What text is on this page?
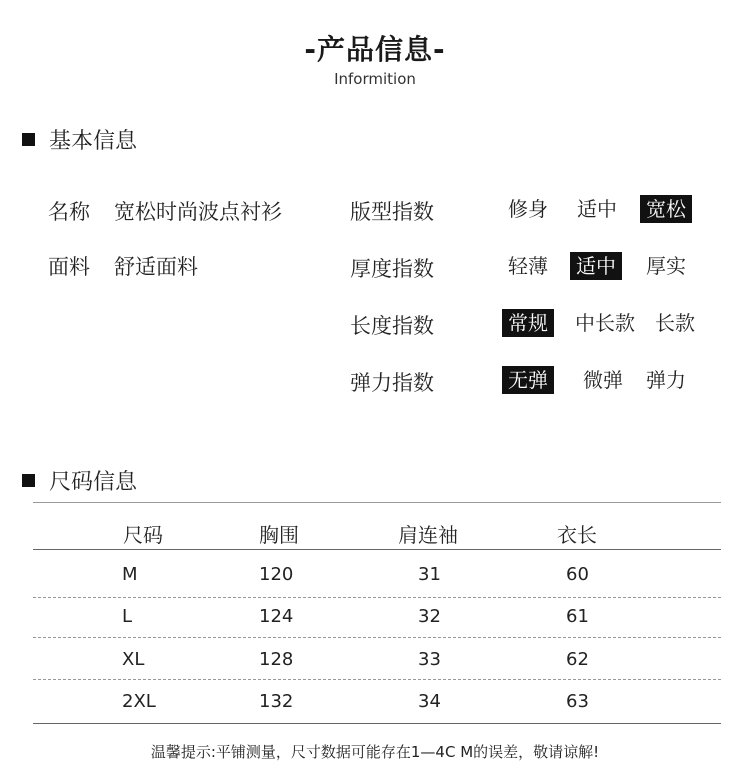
-产品信息-
Informition
基本信息
名称 宽松时尚波点衬衫
面料 舒适面料
版型指数	修身	适中	宽松
厚度指数	轻薄	适中	厚实
长度指数	常规	中长款	长款
弹力指数	无弹	微弹	弹力
尺码信息
尺码	胸围	肩连袖	衣长
M	120	31	60
L	124	32	61
XL	128	33	62
2XL	132	34	63
温馨提示:平铺测量，尺寸数据可能存在1—4C M的误差，敬请谅解!
